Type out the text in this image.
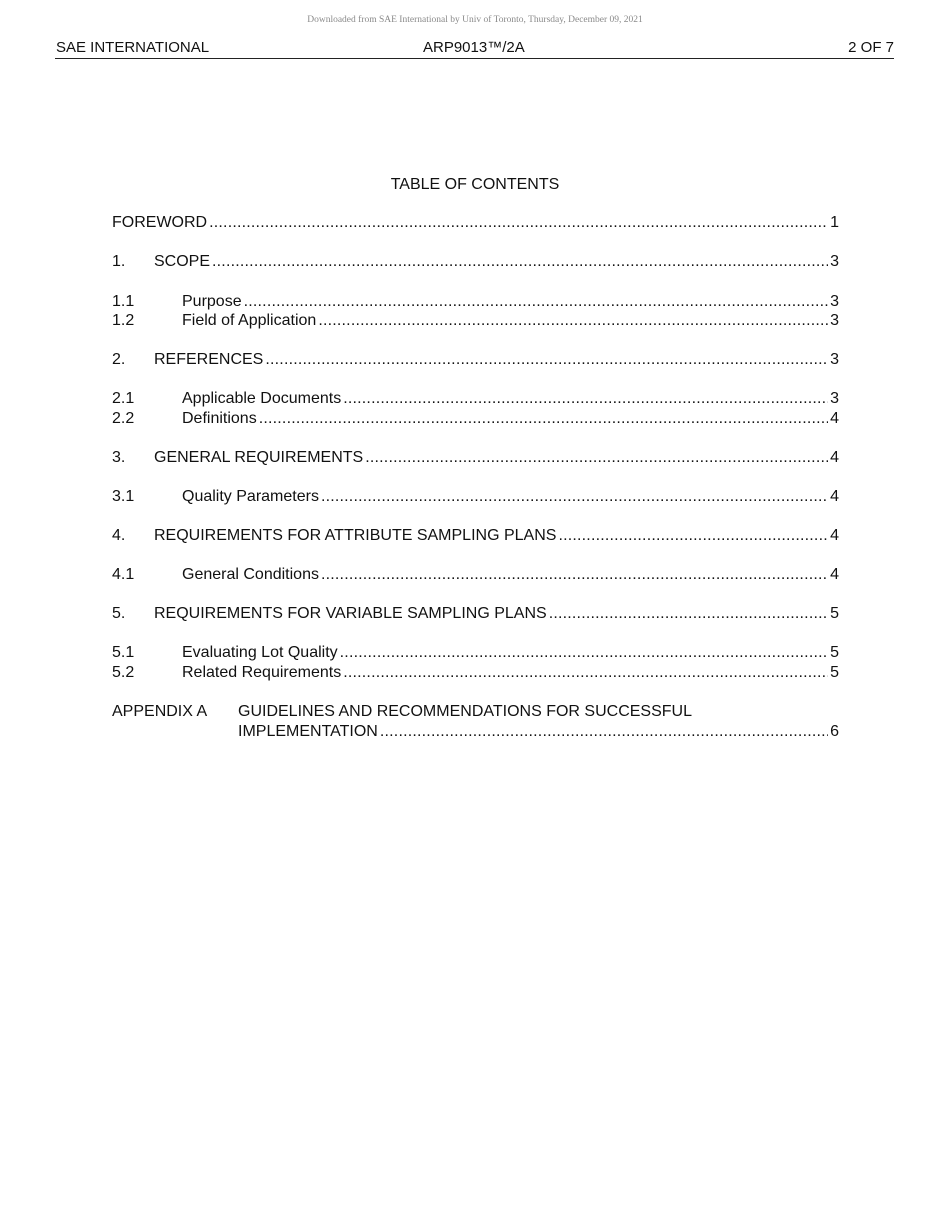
Downloaded from SAE International by Univ of Toronto, Thursday, December 09, 2021
SAE INTERNATIONAL	ARP9013™/2A	2 OF 7
TABLE OF CONTENTS
FOREWORD .....	1
1. SCOPE .....	3
1.1	Purpose .....	3
1.2	Field of Application .....	3
2. REFERENCES .....	3
2.1	Applicable Documents .....	3
2.2	Definitions .....	4
3. GENERAL REQUIREMENTS .....	4
3.1	Quality Parameters .....	4
4. REQUIREMENTS FOR ATTRIBUTE SAMPLING PLANS .....	4
4.1	General Conditions .....	4
5. REQUIREMENTS FOR VARIABLE SAMPLING PLANS .....	5
5.1	Evaluating Lot Quality .....	5
5.2	Related Requirements .....	5
APPENDIX A GUIDELINES AND RECOMMENDATIONS FOR SUCCESSFUL
IMPLEMENTATION .....	6
